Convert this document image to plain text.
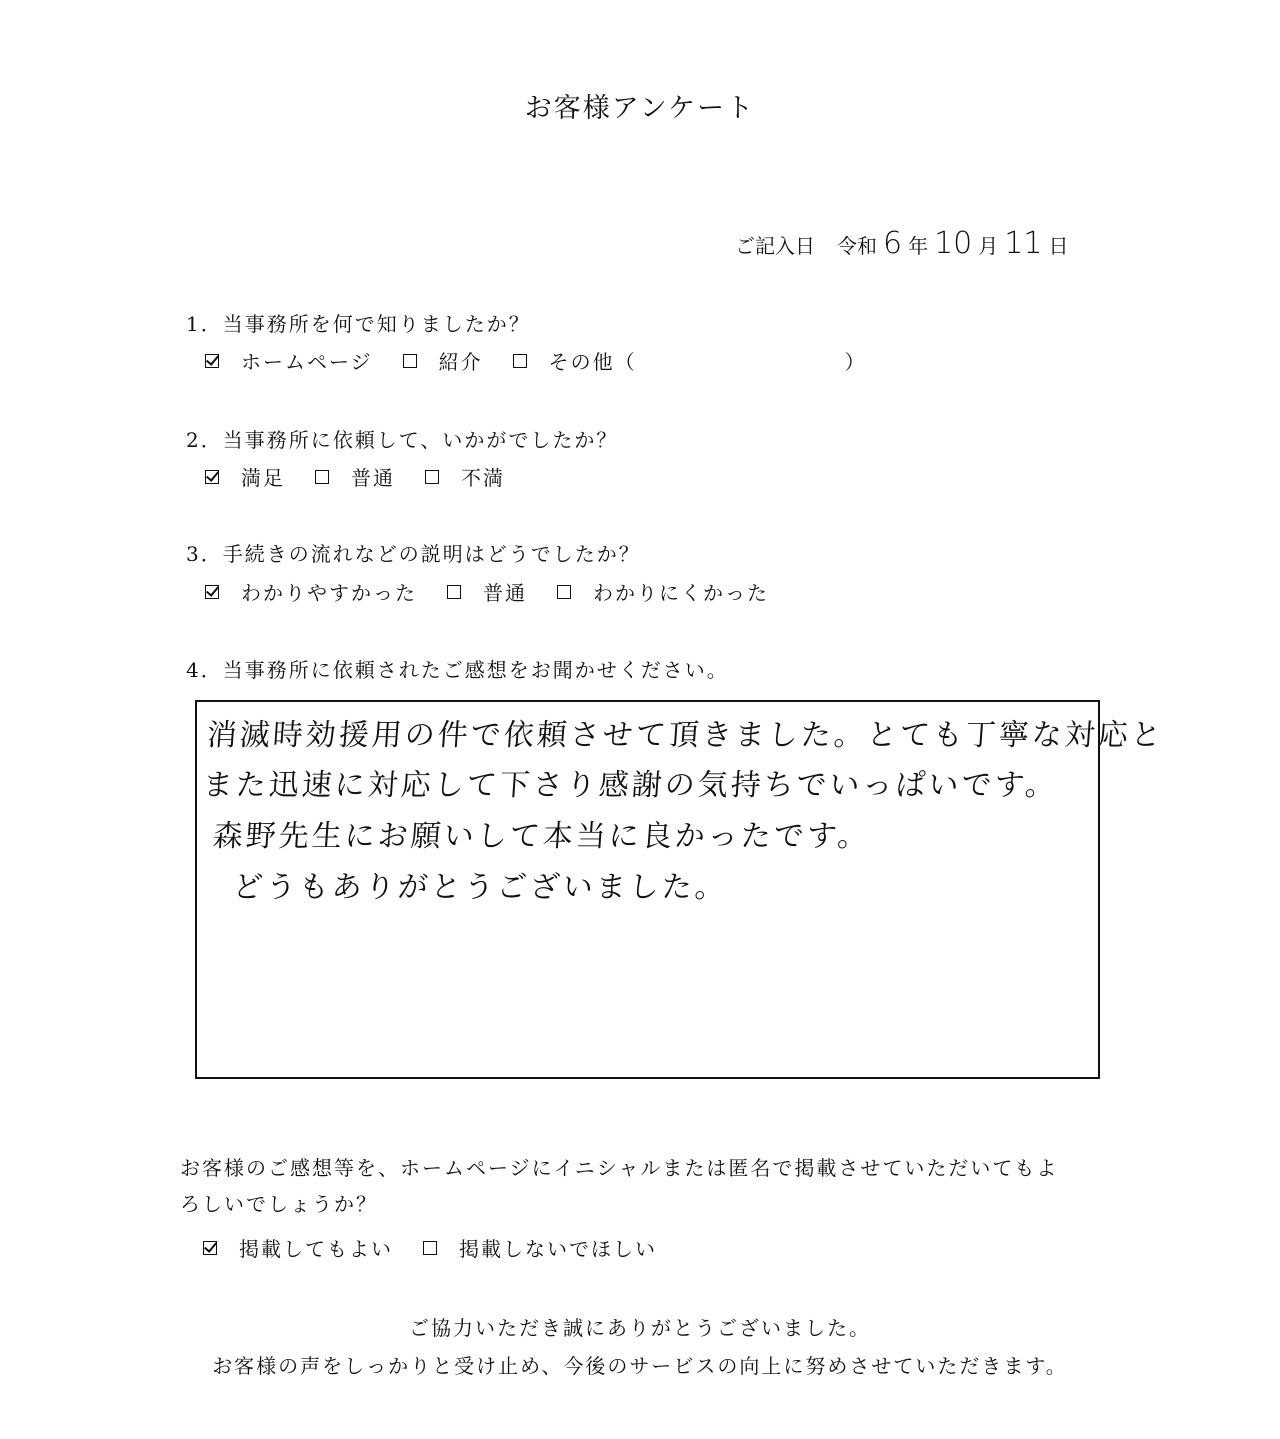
お客様アンケート
ご記入日 令和 6 年 10 月 11 日
1．当事務所を何で知りましたか？
ホームページ	紹介	その他（	）
2．当事務所に依頼して、いかがでしたか？
満足	普通	不満
3．手続きの流れなどの説明はどうでしたか？
わかりやすかった	普通	わかりにくかった
4．当事務所に依頼されたご感想をお聞かせください。
消滅時効援用の件で依頼させて頂きました。とても丁寧な対応と
また迅速に対応して下さり感謝の気持ちでいっぱいです。
森野先生にお願いして本当に良かったです。
どうもありがとうございました。
お客様のご感想等を、ホームページにイニシャルまたは匿名で掲載させていただいてもよ
ろしいでしょうか？
掲載してもよい	掲載しないでほしい
ご協力いただき誠にありがとうございました。
お客様の声をしっかりと受け止め、今後のサービスの向上に努めさせていただきます。
